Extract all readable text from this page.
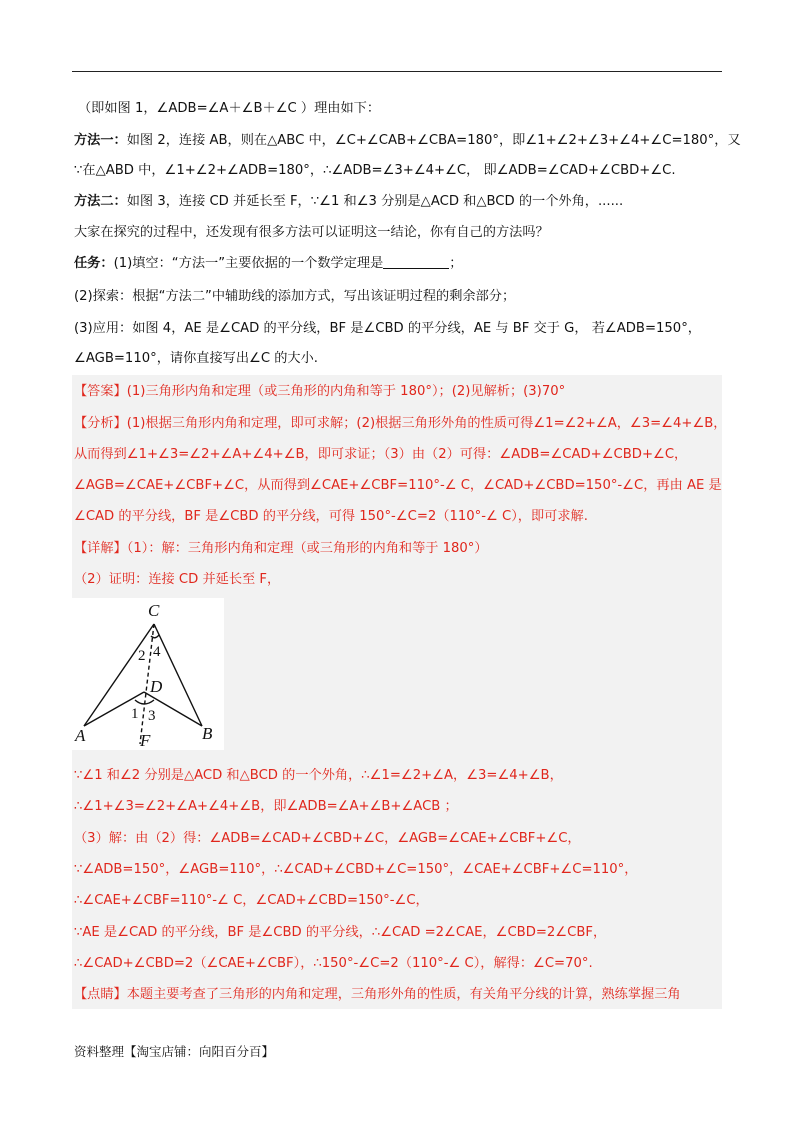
（即如图 1，∠ADB=∠A＋∠B＋∠C ）理由如下：
方法一：如图 2，连接 AB，则在△ABC 中，∠C+∠CAB+∠CBA=180°，即∠1+∠2+∠3+∠4+∠C=180°，又
∵在△ABD 中，∠1+∠2+∠ADB=180°，∴∠ADB=∠3+∠4+∠C， 即∠ADB=∠CAD+∠CBD+∠C.
方法二：如图 3，连接 CD 并延长至 F，∵∠1 和∠3 分别是△ACD 和△BCD 的一个外角，......
大家在探究的过程中，还发现有很多方法可以证明这一结论，你有自己的方法吗？
任务：(1)填空：“方法一”主要依据的一个数学定理是	；
(2)探索：根据“方法二”中辅助线的添加方式，写出该证明过程的剩余部分；
(3)应用：如图 4，AE 是∠CAD 的平分线，BF 是∠CBD 的平分线，AE 与 BF 交于 G， 若∠ADB=150°，
∠AGB=110°，请你直接写出∠C 的大小.
【答案】(1)三角形内角和定理（或三角形的内角和等于 180°）；(2)见解析；(3)70°
【分析】(1)根据三角形内角和定理，即可求解；(2)根据三角形外角的性质可得∠1=∠2+∠A，∠3=∠4+∠B，
从而得到∠1+∠3=∠2+∠A+∠4+∠B，即可求证；（3）由（2）可得：∠ADB=∠CAD+∠CBD+∠C，
∠AGB=∠CAE+∠CBF+∠C，从而得到∠CAE+∠CBF=110°-∠ C，∠CAD+∠CBD=150°-∠C，再由 AE 是
∠CAD 的平分线，BF 是∠CBD 的平分线，可得 150°-∠C=2（110°-∠ C），即可求解.
【详解】（1）：解：三角形内角和定理（或三角形的内角和等于 180°）
（2）证明：连接 CD 并延长至 F，
C
D
A	B
F
2 4
1 3
∵∠1 和∠2 分别是△ACD 和△BCD 的一个外角，∴∠1=∠2+∠A，∠3=∠4+∠B，
∴∠1+∠3=∠2+∠A+∠4+∠B，即∠ADB=∠A+∠B+∠ACB ；
（3）解：由（2）得：∠ADB=∠CAD+∠CBD+∠C，∠AGB=∠CAE+∠CBF+∠C，
∵∠ADB=150°，∠AGB=110°，∴∠CAD+∠CBD+∠C=150°，∠CAE+∠CBF+∠C=110°，
∴∠CAE+∠CBF=110°-∠ C，∠CAD+∠CBD=150°-∠C，
∵AE 是∠CAD 的平分线，BF 是∠CBD 的平分线，∴∠CAD =2∠CAE，∠CBD=2∠CBF，
∴∠CAD+∠CBD=2（∠CAE+∠CBF），∴150°-∠C=2（110°-∠ C），解得：∠C=70°.
【点睛】本题主要考查了三角形的内角和定理，三角形外角的性质，有关角平分线的计算，熟练掌握三角
资料整理【淘宝店铺：向阳百分百】
